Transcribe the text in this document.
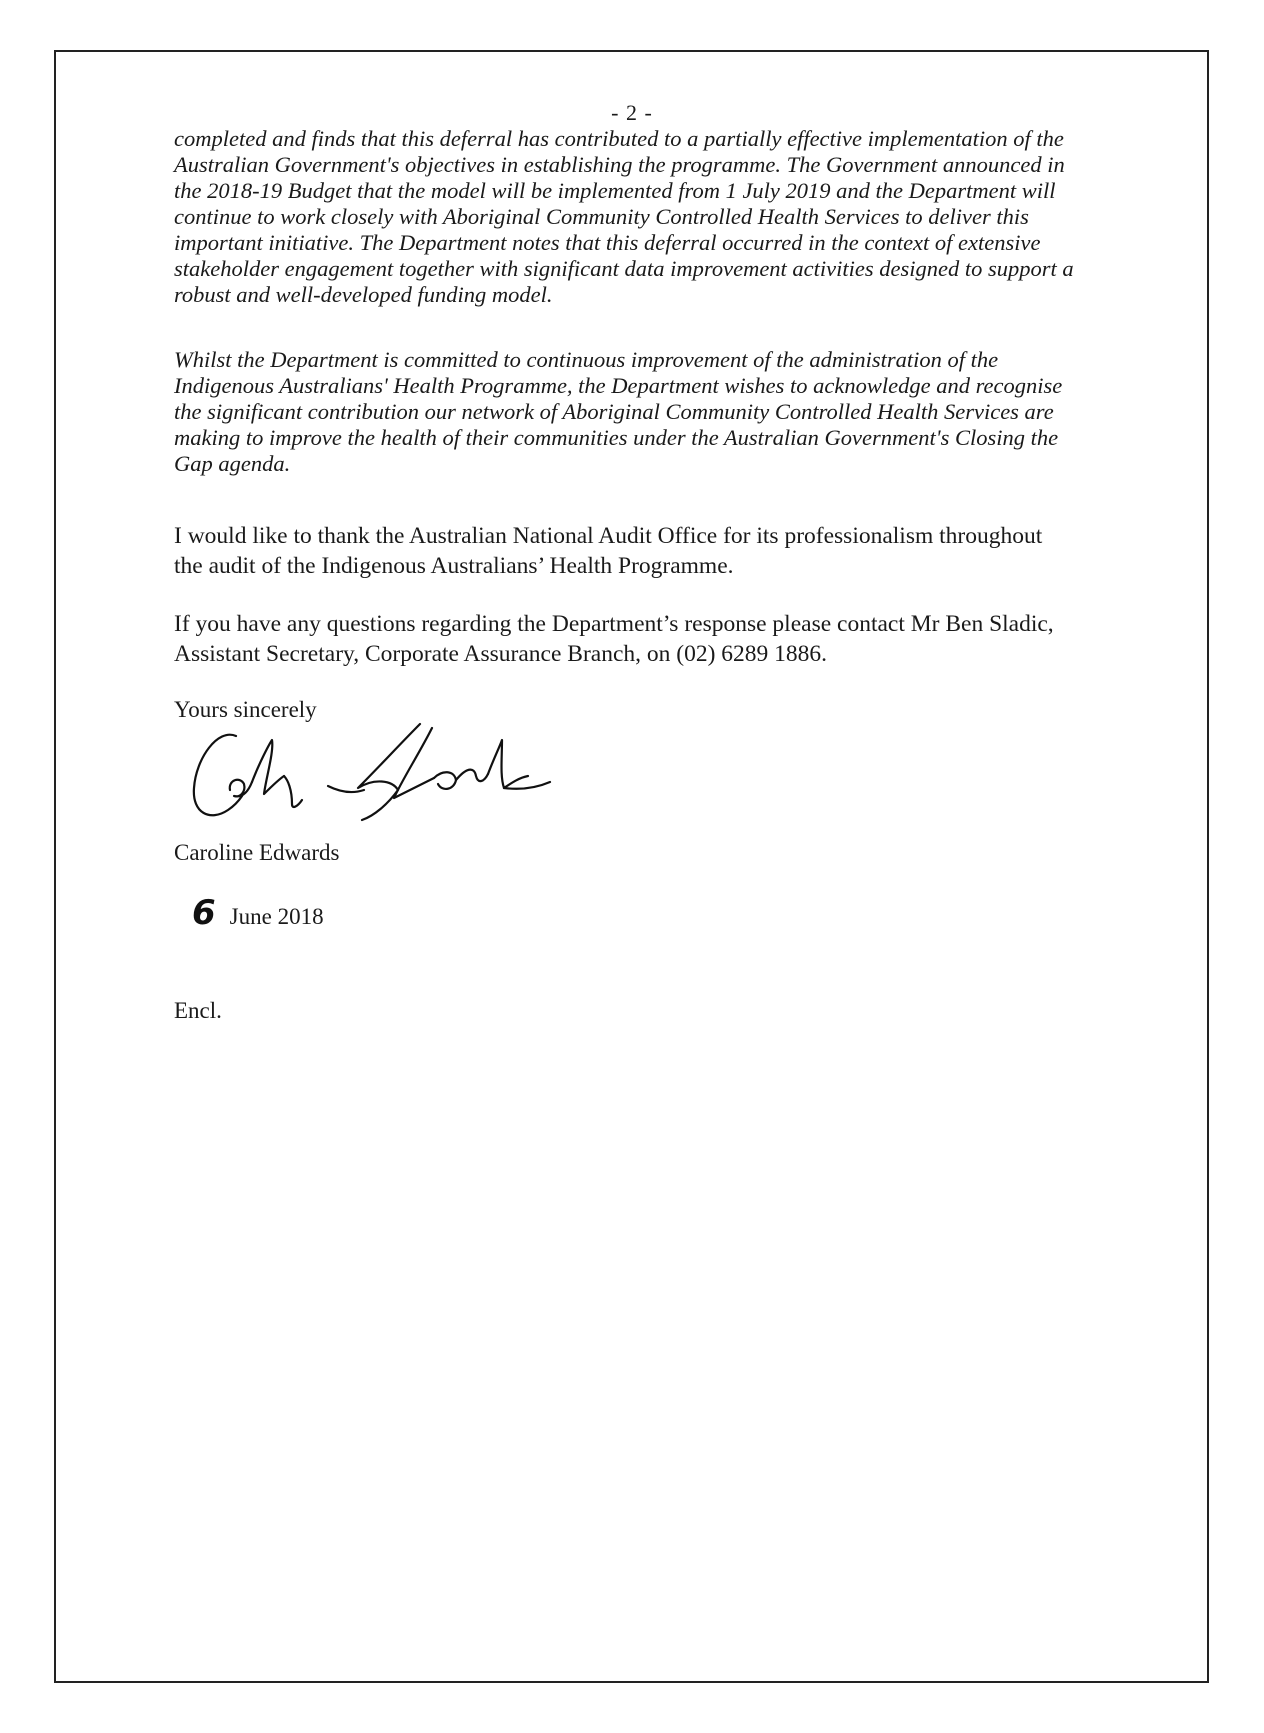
- 2 -

completed and finds that this deferral has contributed to a partially effective implementation of the Australian Government's objectives in establishing the programme. The Government announced in the 2018-19 Budget that the model will be implemented from 1 July 2019 and the Department will continue to work closely with Aboriginal Community Controlled Health Services to deliver this important initiative. The Department notes that this deferral occurred in the context of extensive stakeholder engagement together with significant data improvement activities designed to support a robust and well-developed funding model.

Whilst the Department is committed to continuous improvement of the administration of the Indigenous Australians' Health Programme, the Department wishes to acknowledge and recognise the significant contribution our network of Aboriginal Community Controlled Health Services are making to improve the health of their communities under the Australian Government's Closing the Gap agenda.

I would like to thank the Australian National Audit Office for its professionalism throughout the audit of the Indigenous Australians’ Health Programme.

If you have any questions regarding the Department’s response please contact Mr Ben Sladic, Assistant Secretary, Corporate Assurance Branch, on (02) 6289 1886.

Yours sincerely

Caroline Edwards

6 June 2018

Encl.
